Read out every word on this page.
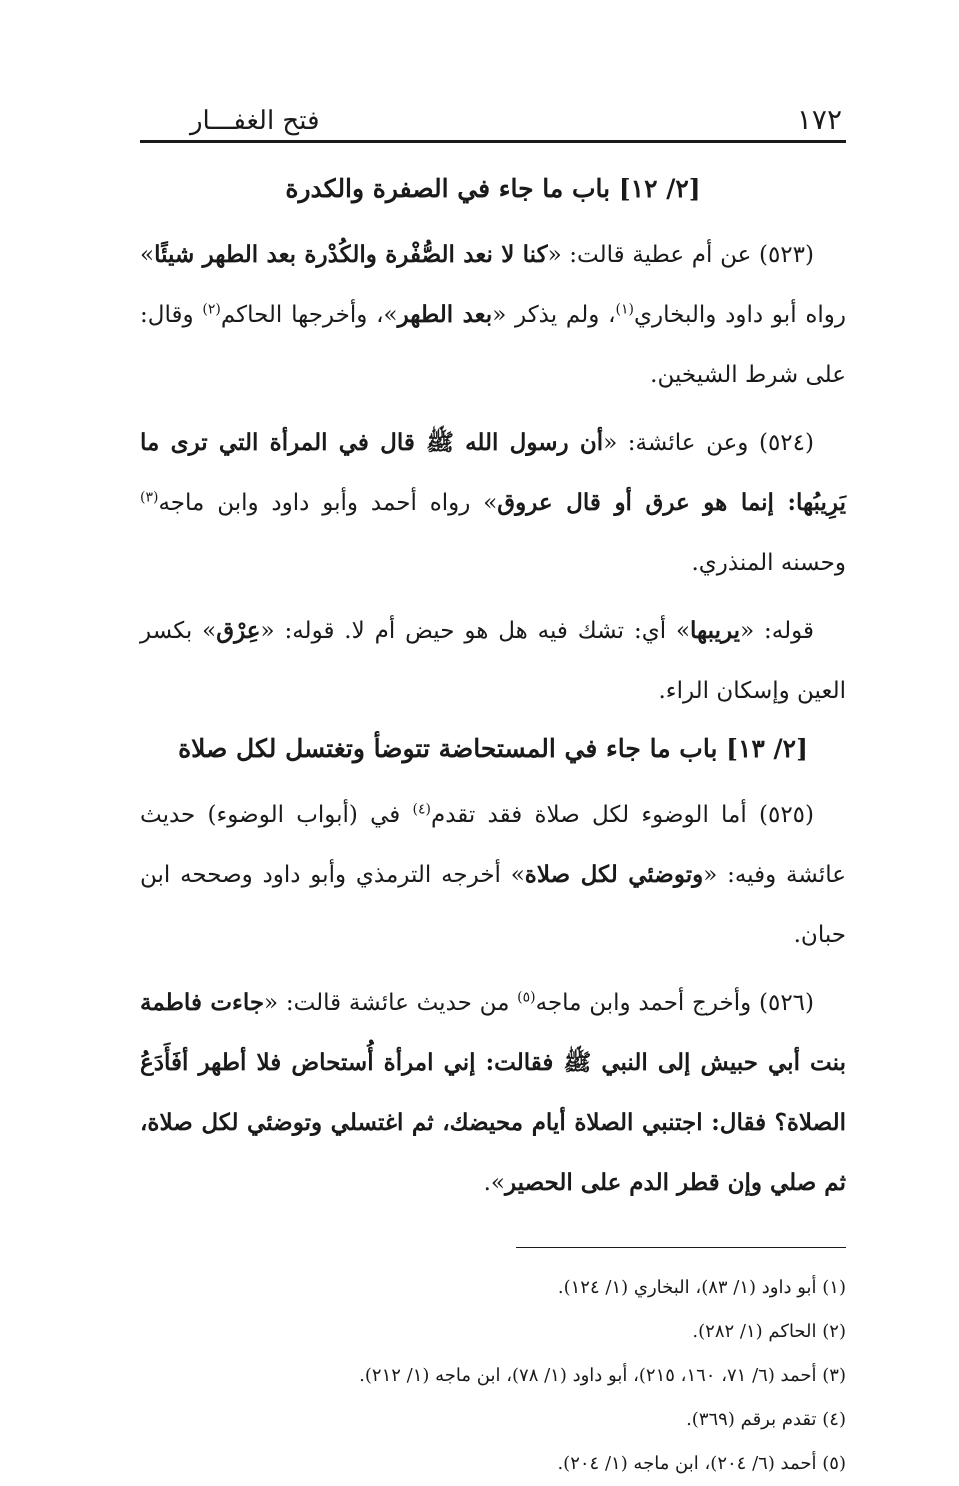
١٧٢
فتح الغفـــار
[٢/ ١٢] باب ما جاء في الصفرة والكدرة

(٥٢٣) عن أم عطية قالت: «كنا لا نعد الصُّفْرة والكُدْرة بعد الطهر شيئًا» رواه أبو داود والبخاري$^{(١)}$، ولم يذكر «بعد الطهر»، وأخرجها الحاكم$^{(٢)}$ وقال: على شرط الشيخين.

(٥٢٤) وعن عائشة: «أن رسول الله ﷺ قال في المرأة التي ترى ما يَرِيبُها: إنما هو عرق أو قال عروق» رواه أحمد وأبو داود وابن ماجه$^{(٣)}$ وحسنه المنذري.

قوله: «يريبها» أي: تشك فيه هل هو حيض أم لا. قوله: «عِرْق» بكسر العين وإسكان الراء.

[٢/ ١٣] باب ما جاء في المستحاضة تتوضأ وتغتسل لكل صلاة

(٥٢٥) أما الوضوء لكل صلاة فقد تقدم$^{(٤)}$ في (أبواب الوضوء) حديث عائشة وفيه: «وتوضئي لكل صلاة» أخرجه الترمذي وأبو داود وصححه ابن حبان.

(٥٢٦) وأخرج أحمد وابن ماجه$^{(٥)}$ من حديث عائشة قالت: «جاءت فاطمة بنت أبي حبيش إلى النبي ﷺ فقالت: إني امرأة أُستحاض فلا أطهر أفَأَدَعُ الصلاة؟ فقال: اجتنبي الصلاة أيام محيضك، ثم اغتسلي وتوضئي لكل صلاة، ثم صلي وإن قطر الدم على الحصير».

(١) أبو داود (١/ ٨٣)، البخاري (١/ ١٢٤).
(٢) الحاكم (١/ ٢٨٢).
(٣) أحمد (٦/ ٧١، ١٦٠، ٢١٥)، أبو داود (١/ ٧٨)، ابن ماجه (١/ ٢١٢).
(٤) تقدم برقم (٣٦٩).
(٥) أحمد (٦/ ٢٠٤)، ابن ماجه (١/ ٢٠٤).
